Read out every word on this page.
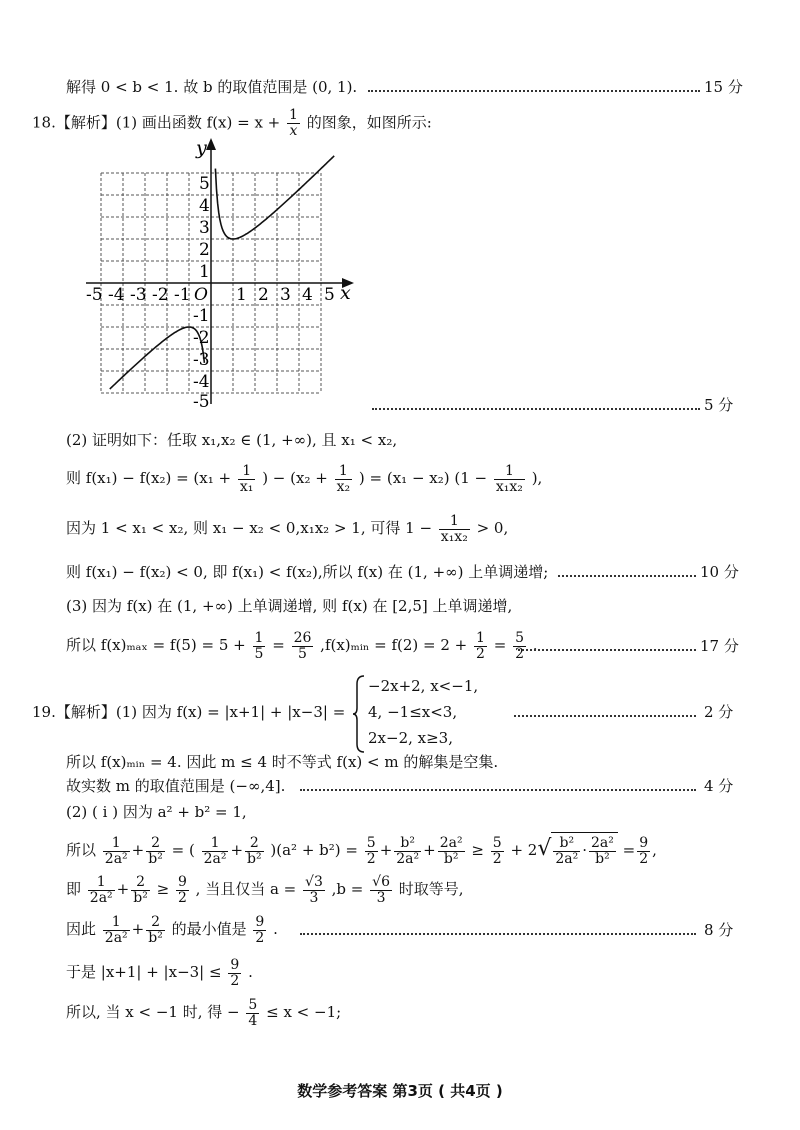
解得 0 < b < 1. 故 b 的取值范围是 (0, 1).	15 分
18.【解析】(1) 画出函数 $f(x) = x + \frac{1}{x}$ 的图象，如图所示:
y
x
O
-5 -4 -3 -2 -1	1 2 3 4 5
1
2
3
4
5
-1
-2
-3
-4
-5	5 分
(2) 证明如下：任取 x₁,x₂ ∈ (1, +∞), 且 x₁ < x₂,
则 $f(x_1) - f(x_2) = (x_1 + \frac{1}{\text{x₁}}$ ) − ($x_2 + \frac{1}{\text{x₂}}$ ) = (x₁ − x₂) ($1 - \frac{1}{\text{x₁x₂}}$ ),
因为 1 < x₁ < x₂, 则 x₁ − x₂ < 0,x₁x₂ > 1, 可得 $1 - \frac{1}{\text{x₁x₂}} > 0$,
则 f(x₁) − f(x₂) < 0, 即 f(x₁) < f(x₂),所以 f(x) 在 (1, +∞) 上单调递增;	10 分
(3) 因为 f(x) 在 (1, +∞) 上单调递增, 则 f(x) 在 [2,5] 上单调递增,
所以 $f(x)_{max} = f(5) = 5 + \frac{1}{5} = \frac{26}{5}$ ,f(x)ₘᵢₙ = $f(2) = 2 + \frac{1}{2} = \frac{5}{2}$ .	17 分
19.【解析】(1) 因为 f(x) = |x+1| + |x−3| =
−2x+2, x<−1,
4, −1≤x<3,
2x−2, x≥3,
2 分
所以 f(x)ₘᵢₙ = 4. 因此 m ≤ 4 时不等式 f(x) < m 的解集是空集.
故实数 m 的取值范围是 (−∞,4].	4 分
(2) ( ⅰ ) 因为 a² + b² = 1,
所以 $\frac{1}{\text{2a²}} + \frac{2}{\text{b²}}$ = ( $\frac{1}{\text{2a²}} + \frac{2}{\text{b²}} )(a^2 + b^2) = \frac{5}{2} + \frac{\text{b²}}{\text{2a²}} + \frac{\text{2a²}}{\text{b²}} \ge \frac{5}{2} + 2√ \frac{\text{b²}}{\text{2a²}} \cdot \frac{\text{2a²}}{\text{b²}} = \frac{9}{2}$ ,
即 $\frac{1}{\text{2a²}} + \frac{2}{\text{b²}} \ge \frac{9}{2}$ , 当且仅当 $a = \frac{√3}{3} ,b = \frac{√6}{3}$ 时取等号,
因此 $\frac{1}{\text{2a²}} + \frac{2}{\text{b²}}$ 的最小值是 $\frac{9}{2}$ .	8 分
于是 $|x+1| + |x-3| \le \frac{9}{2}$ .
所以, 当 x < −1 时, 得 − $\frac{5}{4} \le x < -1$;
数学参考答案 第3页 ( 共4页 )
